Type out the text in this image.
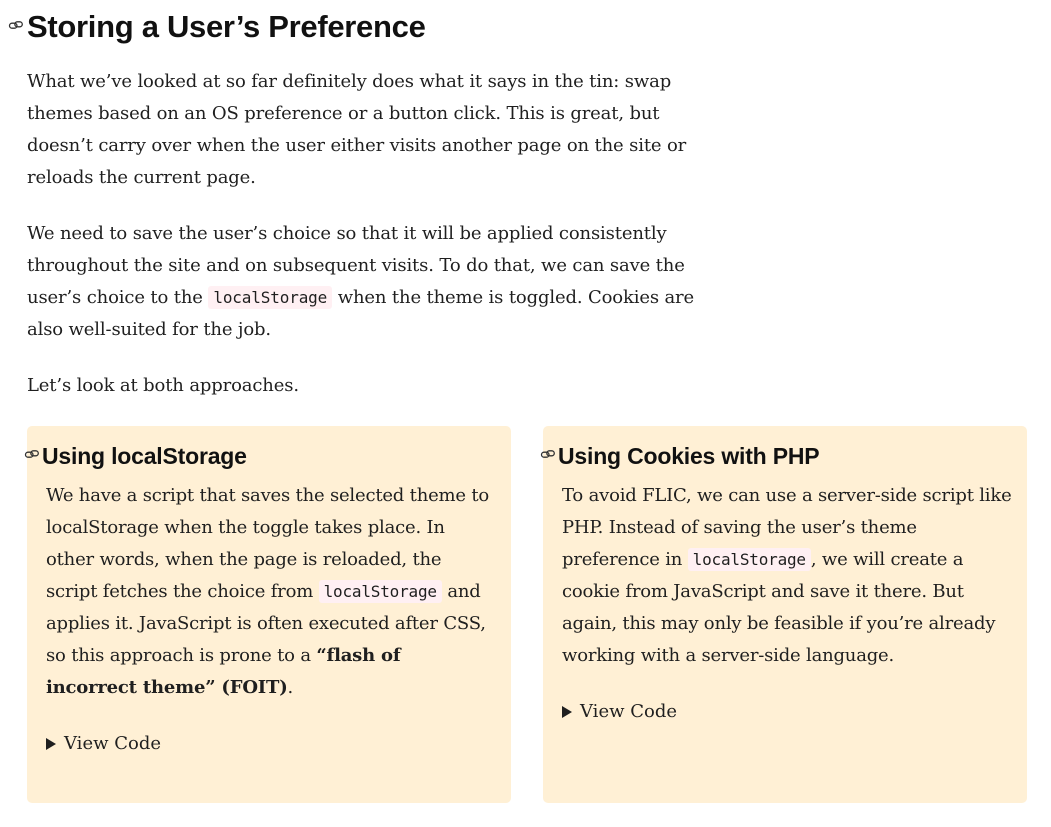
Storing a User’s Preference

What we’ve looked at so far definitely does what it says in the tin: swap themes based on an OS preference or a button click. This is great, but doesn’t carry over when the user either visits another page on the site or reloads the current page.

We need to save the user’s choice so that it will be applied consistently throughout the site and on subsequent visits. To do that, we can save the user’s choice to the localStorage when the theme is toggled. Cookies are also well-suited for the job.

Let’s look at both approaches.

Using localStorage

We have a script that saves the selected theme to localStorage when the toggle takes place. In other words, when the page is reloaded, the script fetches the choice from localStorage and applies it. JavaScript is often executed after CSS, so this approach is prone to a “flash of incorrect theme” (FOIT).

View Code
Using Cookies with PHP

To avoid FLIC, we can use a server-side script like PHP. Instead of saving the user’s theme preference in localStorage , we will create a cookie from JavaScript and save it there. But again, this may only be feasible if you’re already working with a server-side language.

View Code
